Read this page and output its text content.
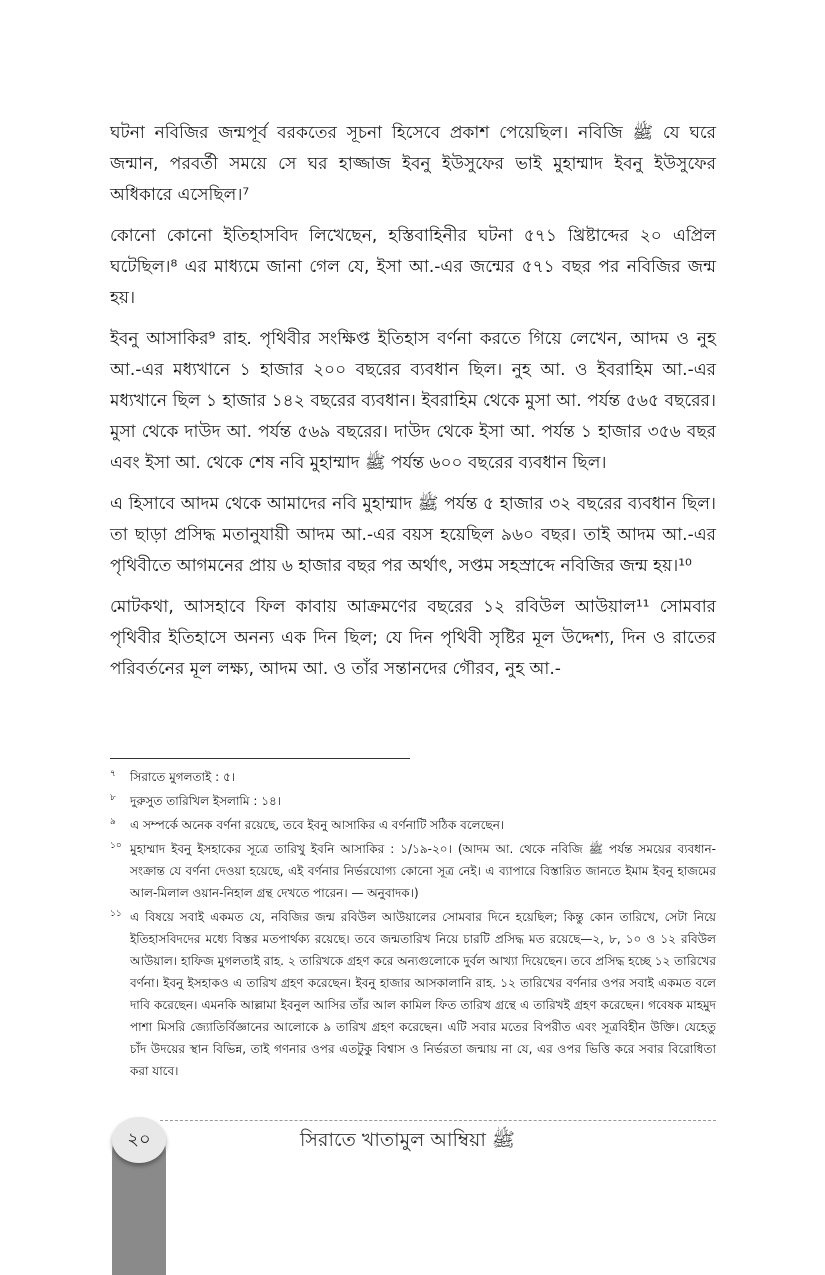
ঘটনা নবিজির জন্মপূর্ব বরকতের সূচনা হিসেবে প্রকাশ পেয়েছিল। নবিজি ﷺ যে ঘরে জন্মান, পরবর্তী সময়ে সে ঘর হাজ্জাজ ইবনু ইউসুফের ভাই মুহাম্মাদ ইবনু ইউসুফের অধিকারে এসেছিল।⁷

কোনো কোনো ইতিহাসবিদ লিখেছেন, হস্তিবাহিনীর ঘটনা ৫৭১ খ্রিষ্টাব্দের ২০ এপ্রিল ঘটেছিল।⁸ এর মাধ্যমে জানা গেল যে, ইসা আ.-এর জন্মের ৫৭১ বছর পর নবিজির জন্ম হয়।

ইবনু আসাকির⁹ রাহ. পৃথিবীর সংক্ষিপ্ত ইতিহাস বর্ণনা করতে গিয়ে লেখেন, আদম ও নুহ আ.-এর মধ্যখানে ১ হাজার ২০০ বছরের ব্যবধান ছিল। নুহ আ. ও ইবরাহিম আ.-এর মধ্যখানে ছিল ১ হাজার ১৪২ বছরের ব্যবধান। ইবরাহিম থেকে মুসা আ. পর্যন্ত ৫৬৫ বছরের। মুসা থেকে দাউদ আ. পর্যন্ত ৫৬৯ বছরের। দাউদ থেকে ইসা আ. পর্যন্ত ১ হাজার ৩৫৬ বছর এবং ইসা আ. থেকে শেষ নবি মুহাম্মাদ ﷺ পর্যন্ত ৬০০ বছরের ব্যবধান ছিল।

এ হিসাবে আদম থেকে আমাদের নবি মুহাম্মাদ ﷺ পর্যন্ত ৫ হাজার ৩২ বছরের ব্যবধান ছিল। তা ছাড়া প্রসিদ্ধ মতানুযায়ী আদম আ.-এর বয়স হয়েছিল ৯৬০ বছর। তাই আদম আ.-এর পৃথিবীতে আগমনের প্রায় ৬ হাজার বছর পর অর্থাৎ, সপ্তম সহস্রাব্দে নবিজির জন্ম হয়।¹⁰

মোটকথা, আসহাবে ফিল কাবায় আক্রমণের বছরের ১২ রবিউল আউয়াল¹¹ সোমবার পৃথিবীর ইতিহাসে অনন্য এক দিন ছিল; যে দিন পৃথিবী সৃষ্টির মূল উদ্দেশ্য, দিন ও রাতের পরিবর্তনের মূল লক্ষ্য, আদম আ. ও তাঁর সন্তানদের গৌরব, নুহ আ.-

৭	সিরাতে মুগলতাই : ৫।
৮	দুরুসুত তারিখিল ইসলামি : ১৪।
৯	এ সম্পর্কে অনেক বর্ণনা রয়েছে, তবে ইবনু আসাকির এ বর্ণনাটি সঠিক বলেছেন।
১০ মুহাম্মাদ ইবনু ইসহাকের সূত্রে তারিখু ইবনি আসাকির : ১/১৯-২০। (আদম আ. থেকে নবিজি ﷺ পর্যন্ত সময়ের ব্যবধান-সংক্রান্ত যে বর্ণনা দেওয়া হয়েছে, এই বর্ণনার নির্ভরযোগ্য কোনো সূত্র নেই। এ ব্যাপারে বিস্তারিত জানতে ইমাম ইবনু হাজমের আল-মিলাল ওয়ান-নিহাল গ্রন্থ দেখতে পারেন। — অনুবাদক।)
১১ এ বিষয়ে সবাই একমত যে, নবিজির জন্ম রবিউল আউয়ালের সোমবার দিনে হয়েছিল; কিন্তু কোন তারিখে, সেটা নিয়ে ইতিহাসবিদদের মধ্যে বিস্তর মতপার্থক্য রয়েছে। তবে জন্মতারিখ নিয়ে চারটি প্রসিদ্ধ মত রয়েছে—২, ৮, ১০ ও ১২ রবিউল আউয়াল। হাফিজ মুগলতাই রাহ. ২ তারিখকে গ্রহণ করে অন্যগুলোকে দুর্বল আখ্যা দিয়েছেন। তবে প্রসিদ্ধ হচ্ছে ১২ তারিখের বর্ণনা। ইবনু ইসহাকও এ তারিখ গ্রহণ করেছেন। ইবনু হাজার আসকালানি রাহ. ১২ তারিখের বর্ণনার ওপর সবাই একমত বলে দাবি করেছেন। এমনকি আল্লামা ইবনুল আসির তাঁর আল কামিল ফিত তারিখ গ্রন্থে এ তারিখই গ্রহণ করেছেন। গবেষক মাহমুদ পাশা মিসরি জ্যোতির্বিজ্ঞানের আলোকে ৯ তারিখ গ্রহণ করেছেন। এটি সবার মতের বিপরীত এবং সূত্রবিহীন উক্তি। যেহেতু চাঁদ উদয়ের স্থান বিভিন্ন, তাই গণনার ওপর এতটুকু বিশ্বাস ও নির্ভরতা জন্মায় না যে, এর ওপর ভিত্তি করে সবার বিরোধিতা করা যাবে।
২০	সিরাতে খাতামুল আম্বিয়া ﷺ
